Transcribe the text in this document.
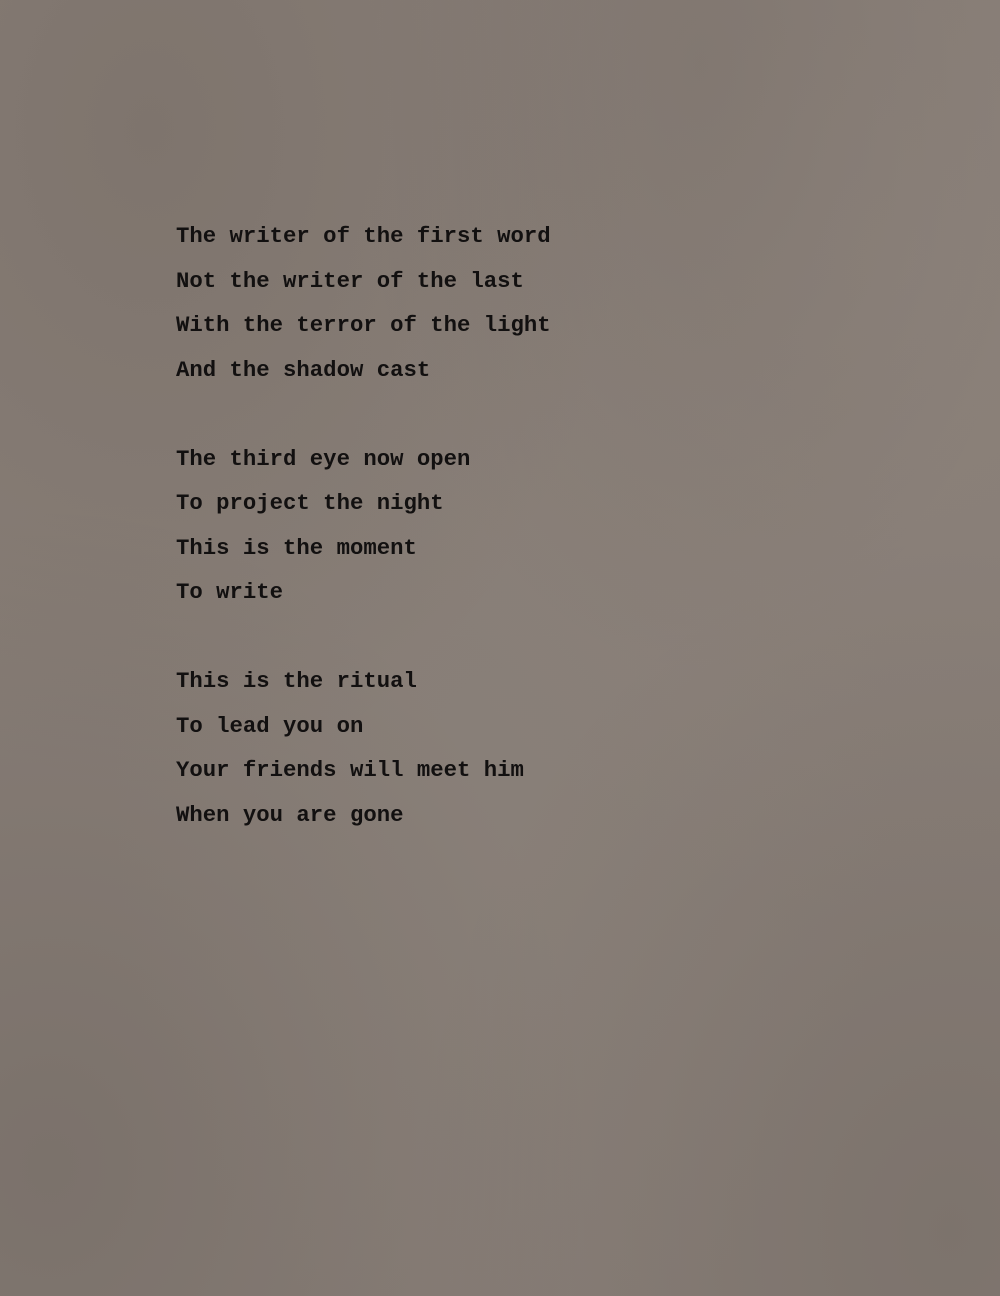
The writer of the first word
Not the writer of the last
With the terror of the light
And the shadow cast
The third eye now open
To project the night
This is the moment
To write
This is the ritual
To lead you on
Your friends will meet him
When you are gone
